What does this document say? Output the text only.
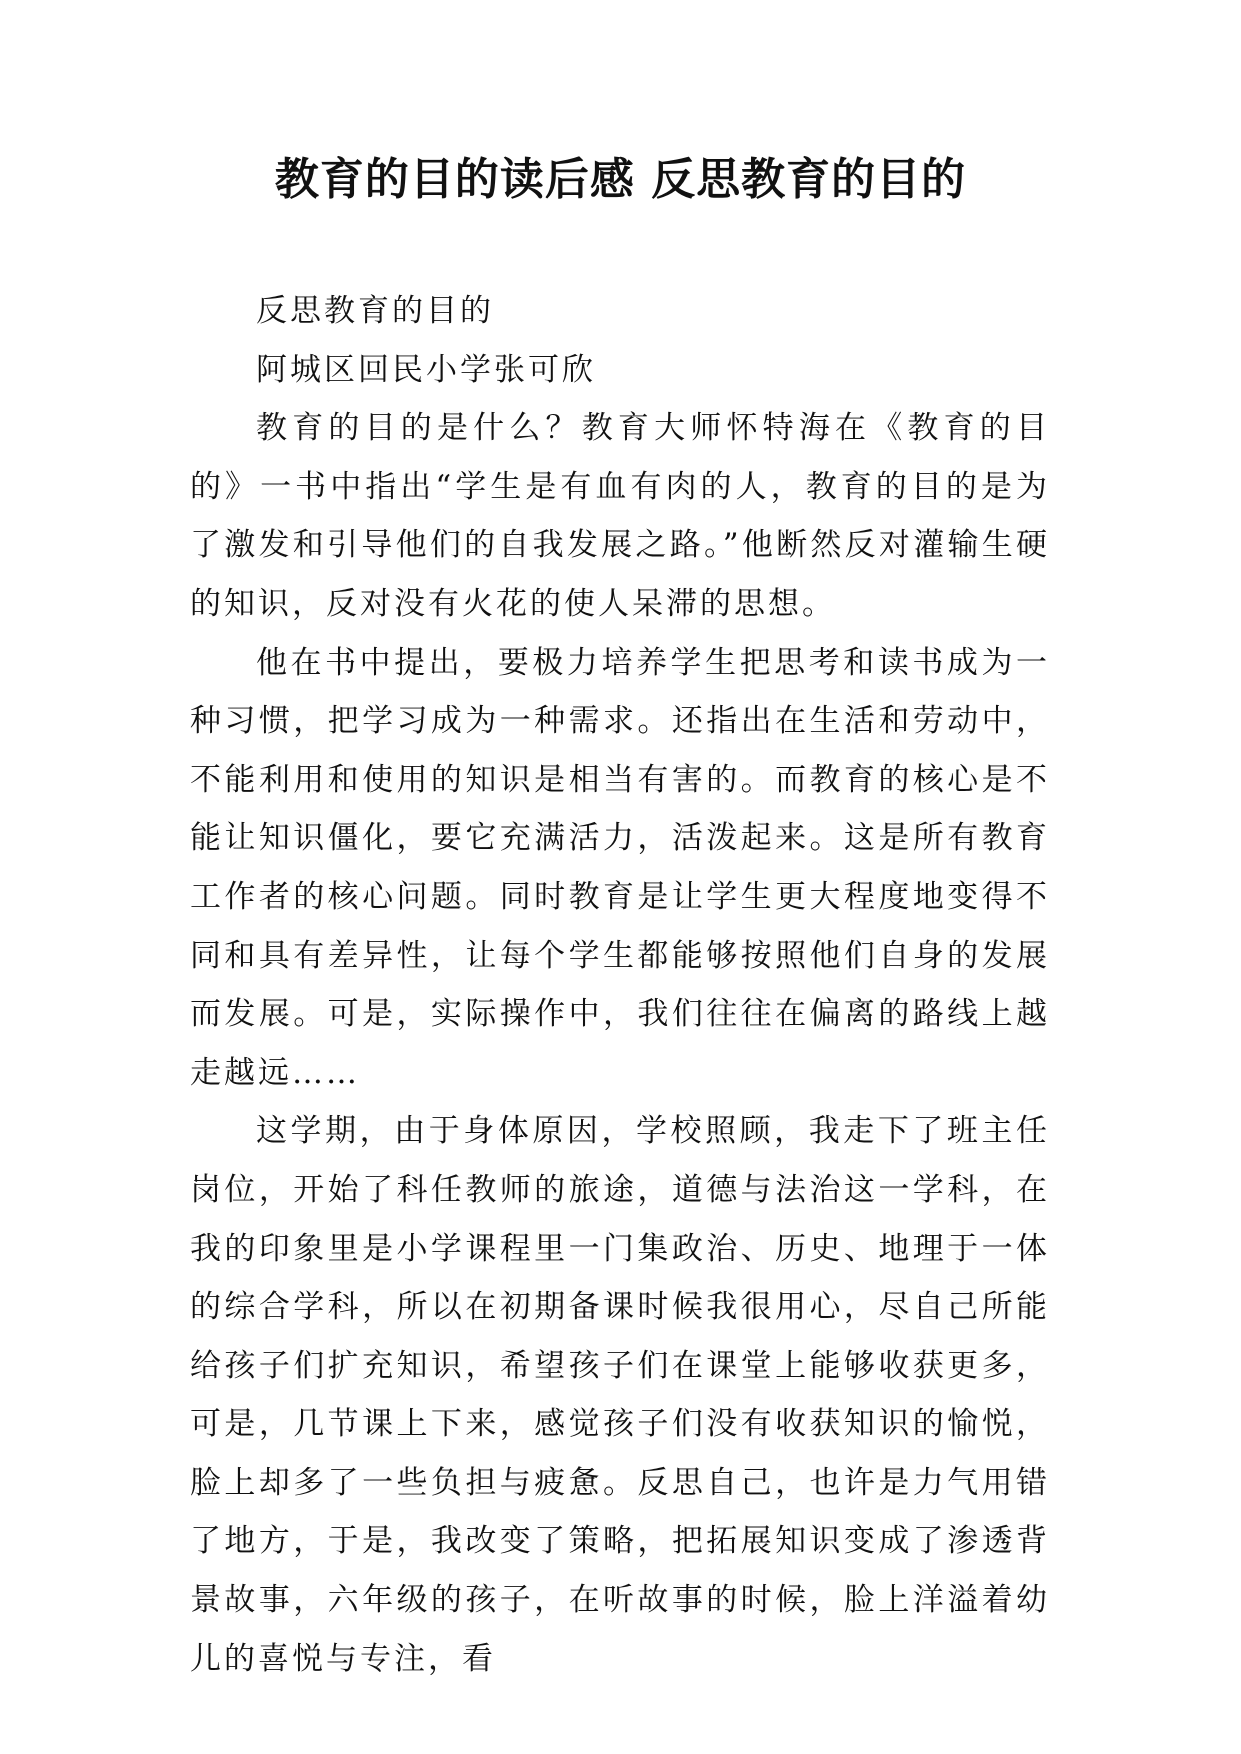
教育的目的读后感 反思教育的目的

反思教育的目的

阿城区回民小学张可欣

教育的目的是什么？教育大师怀特海在《教育的目的》一书中指出“学生是有血有肉的人，教育的目的是为了激发和引导他们的自我发展之路。”他断然反对灌输生硬的知识，反对没有火花的使人呆滞的思想。

他在书中提出，要极力培养学生把思考和读书成为一种习惯，把学习成为一种需求。还指出在生活和劳动中，不能利用和使用的知识是相当有害的。而教育的核心是不能让知识僵化，要它充满活力，活泼起来。这是所有教育工作者的核心问题。同时教育是让学生更大程度地变得不同和具有差异性，让每个学生都能够按照他们自身的发展而发展。可是，实际操作中，我们往往在偏离的路线上越走越远……

这学期，由于身体原因，学校照顾，我走下了班主任岗位，开始了科任教师的旅途，道德与法治这一学科，在我的印象里是小学课程里一门集政治、历史、地理于一体的综合学科，所以在初期备课时候我很用心，尽自己所能给孩子们扩充知识，希望孩子们在课堂上能够收获更多，可是，几节课上下来，感觉孩子们没有收获知识的愉悦，脸上却多了一些负担与疲惫。反思自己，也许是力气用错了地方，于是，我改变了策略，把拓展知识变成了渗透背景故事，六年级的孩子，在听故事的时候，脸上洋溢着幼儿的喜悦与专注，看
